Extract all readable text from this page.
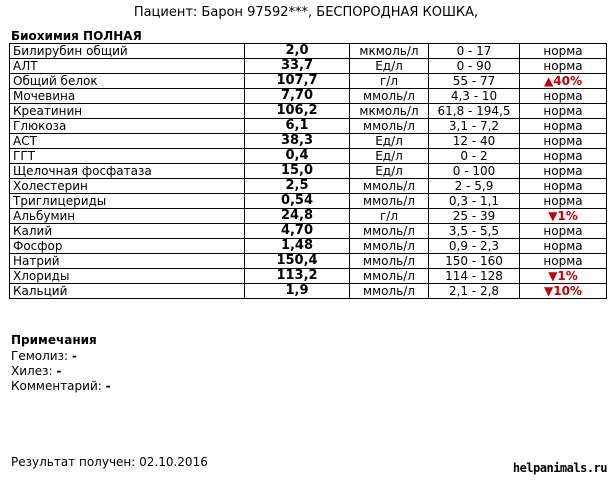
Пациент: Барон 97592***, БЕСПОРОДНАЯ КОШКА,
Биохимия ПОЛНАЯ
Билирубин общий	2,0	мкмоль/л	0 - 17	норма
АЛТ	33,7	Ед/л	0 - 90	норма
Общий белок	107,7	г/л	55 - 77	▲40%
Мочевина	7,70	ммоль/л	4,3 - 10	норма
Креатинин	106,2	мкмоль/л	61,8 - 194,5	норма
Глюкоза	6,1	ммоль/л	3,1 - 7,2	норма
АСТ	38,3	Ед/л	12 - 40	норма
ГГТ	0,4	Ед/л	0 - 2	норма
Щелочная фосфатаза	15,0	Ед/л	0 - 100	норма
Холестерин	2,5	ммоль/л	2 - 5,9	норма
Триглицериды	0,54	ммоль/л	0,3 - 1,1	норма
Альбумин	24,8	г/л	25 - 39	▼1%
Калий	4,70	ммоль/л	3,5 - 5,5	норма
Фосфор	1,48	ммоль/л	0,9 - 2,3	норма
Натрий	150,4	ммоль/л	150 - 160	норма
Хлориды	113,2	ммоль/л	114 - 128	▼1%
Кальций	1,9	ммоль/л	2,1 - 2,8	▼10%
Примечания
Гемолиз: -
Хилез: -
Комментарий: -
Результат получен: 02.10.2016	helpanimals.ru
